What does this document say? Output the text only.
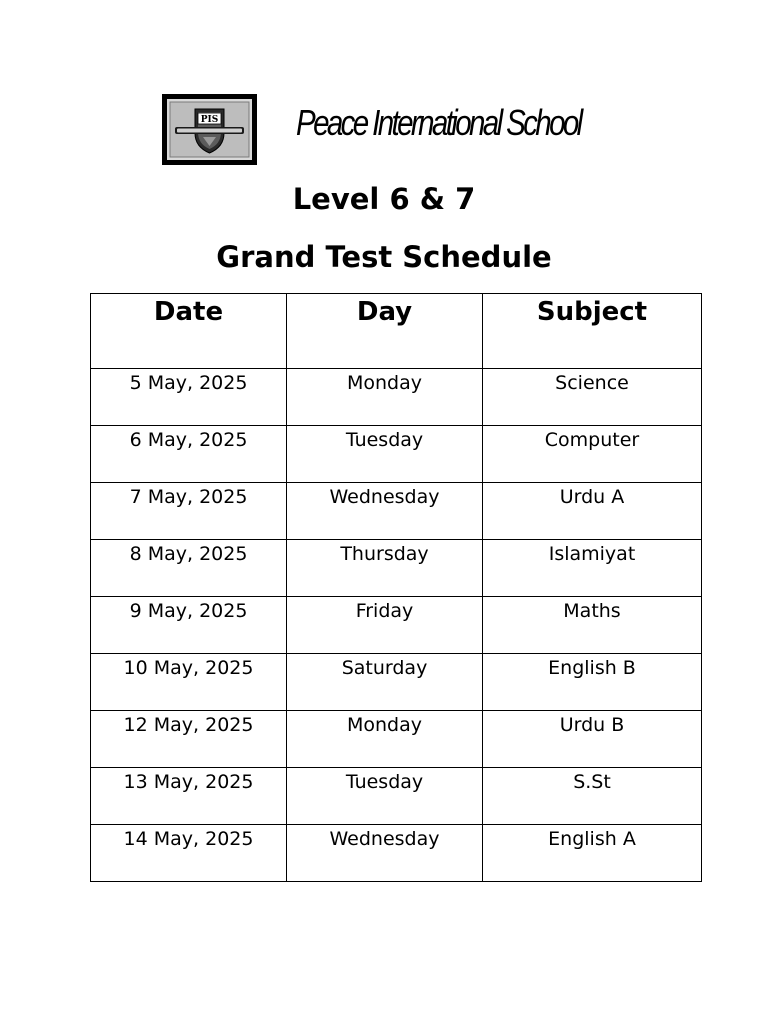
PIS Peace International School
Level 6 & 7
Grand Test Schedule
Date	Day	Subject
5 May, 2025	Monday	Science
6 May, 2025	Tuesday	Computer
7 May, 2025	Wednesday	Urdu A
8 May, 2025	Thursday	Islamiyat
9 May, 2025	Friday	Maths
10 May, 2025	Saturday	English B
12 May, 2025	Monday	Urdu B
13 May, 2025	Tuesday	S.St
14 May, 2025	Wednesday	English A
